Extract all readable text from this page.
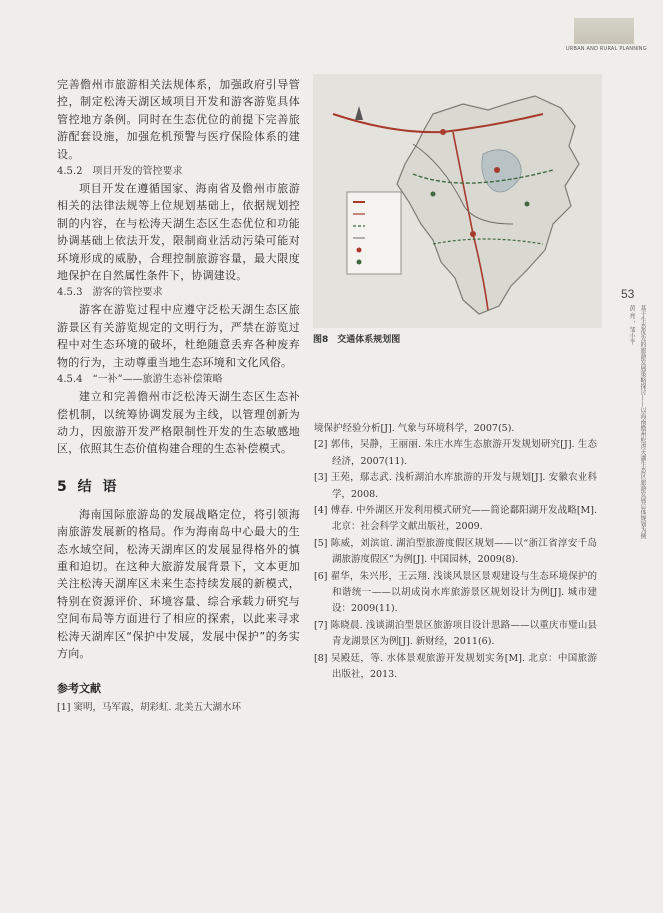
URBAN AND RURAL PLANNING
53
黄 亮 ，邹小平 基于生态优先的旅游发展策略探讨——以海南儋州松涛天湖生态区旅游发展总体规划为例

完善儋州市旅游相关法规体系，加强政府引导管控，制定松涛天湖区域项目开发和游客游览具体管控地方条例。同时在生态优位的前提下完善旅游配套设施，加强危机预警与医疗保险体系的建设。

4.5.2　项目开发的管控要求

项目开发在遵循国家、海南省及儋州市旅游相关的法律法规等上位规划基础上，依据规划控制的内容，在与松涛天湖生态区生态优位和功能协调基础上依法开发，限制商业活动污染可能对环境形成的威胁，合理控制旅游容量，最大限度地保护在自然属性条件下，协调建设。

4.5.3　游客的管控要求

游客在游览过程中应遵守泛松天湖生态区旅游景区有关游览规定的文明行为，严禁在游览过程中对生态环境的破坏，杜绝随意丢弃各种废弃物的行为，主动尊重当地生态环境和文化风俗。

4.5.4　“一补”——旅游生态补偿策略

建立和完善儋州市泛松涛天湖生态区生态补偿机制，以统筹协调发展为主线，以管理创新为动力，因旅游开发严格限制性开发的生态敏感地区，依照其生态价值构建合理的生态补偿模式。

5 结 语

海南国际旅游岛的发展战略定位，将引领海南旅游发展新的格局。作为海南岛中心最大的生态水域空间，松涛天湖库区的发展显得格外的慎重和迫切。在这种大旅游发展背景下，文本更加关注松涛天湖库区未来生态持续发展的新模式，特别在资源评价、环境容量、综合承载力研究与空间布局等方面进行了相应的探索，以此来寻求松涛天湖库区“保护中发展，发展中保护”的务实方向。

参考文献

[1] 窦明，马军霞，胡彩虹. 北美五大湖水环

图8　交通体系规划图

境保护经验分析[J]. 气象与环境科学，2007(5).

[2] 郭伟，吴静，王丽丽. 朱庄水库生态旅游开发规划研究[J]. 生态经济，2007(11).

[3] 王苑，鄢志武. 浅析湖泊水库旅游的开发与规划[J]. 安徽农业科学，2008.

[4] 傅春. 中外湖区开发利用模式研究——简论鄱阳湖开发战略[M]. 北京：社会科学文献出版社，2009.

[5] 陈威，刘滨谊. 湖泊型旅游度假区规划——以“浙江省淳安千岛湖旅游度假区”为例[J]. 中国园林，2009(8).

[6] 翟华，朱兴彤，王云翔. 浅谈风景区景观建设与生态环境保护的和谐统一——以胡成岗水库旅游景区规划设计为例[J]. 城市建设：2009(11).

[7] 陈晓晨. 浅谈湖泊型景区旅游项目设计思路——以重庆市璧山县青龙湖景区为例[J]. 新财经，2011(6).

[8] 吴殿廷，等. 水体景观旅游开发规划实务[M]. 北京：中国旅游出版社，2013.
